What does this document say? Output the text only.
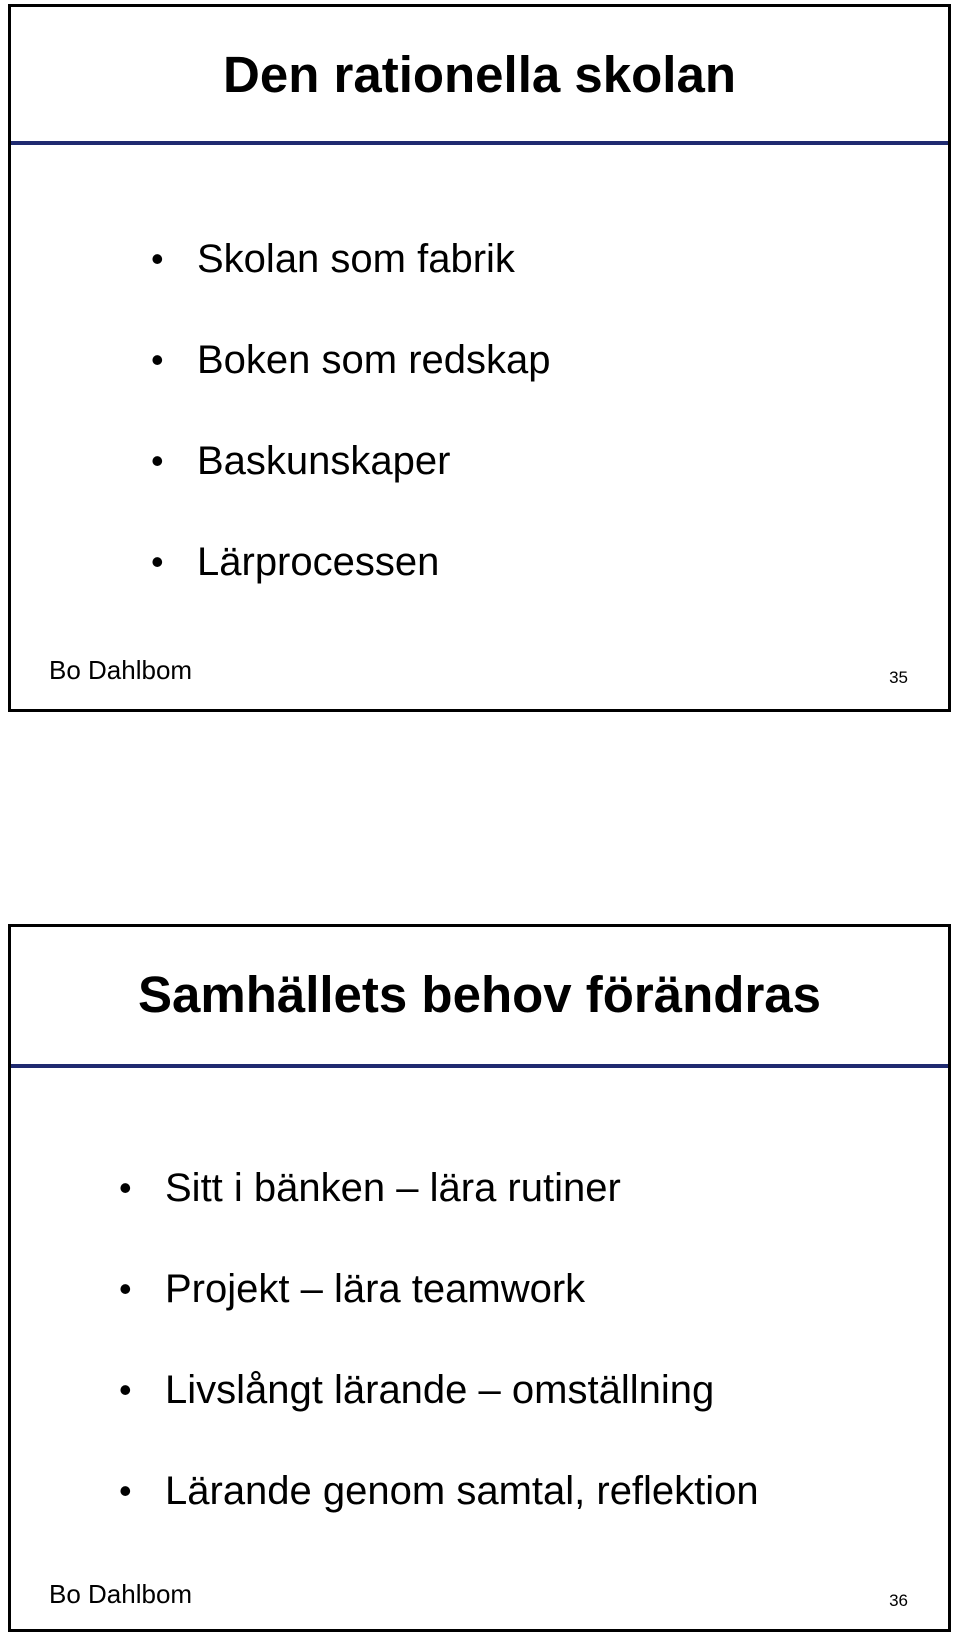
Den rationella skolan
• Skolan som fabrik
• Boken som redskap
• Baskunskaper
• Lärprocessen
Bo Dahlbom	35
Samhällets behov förändras
• Sitt i bänken – lära rutiner
• Projekt – lära teamwork
• Livslångt lärande – omställning
• Lärande genom samtal, reflektion
Bo Dahlbom	36
